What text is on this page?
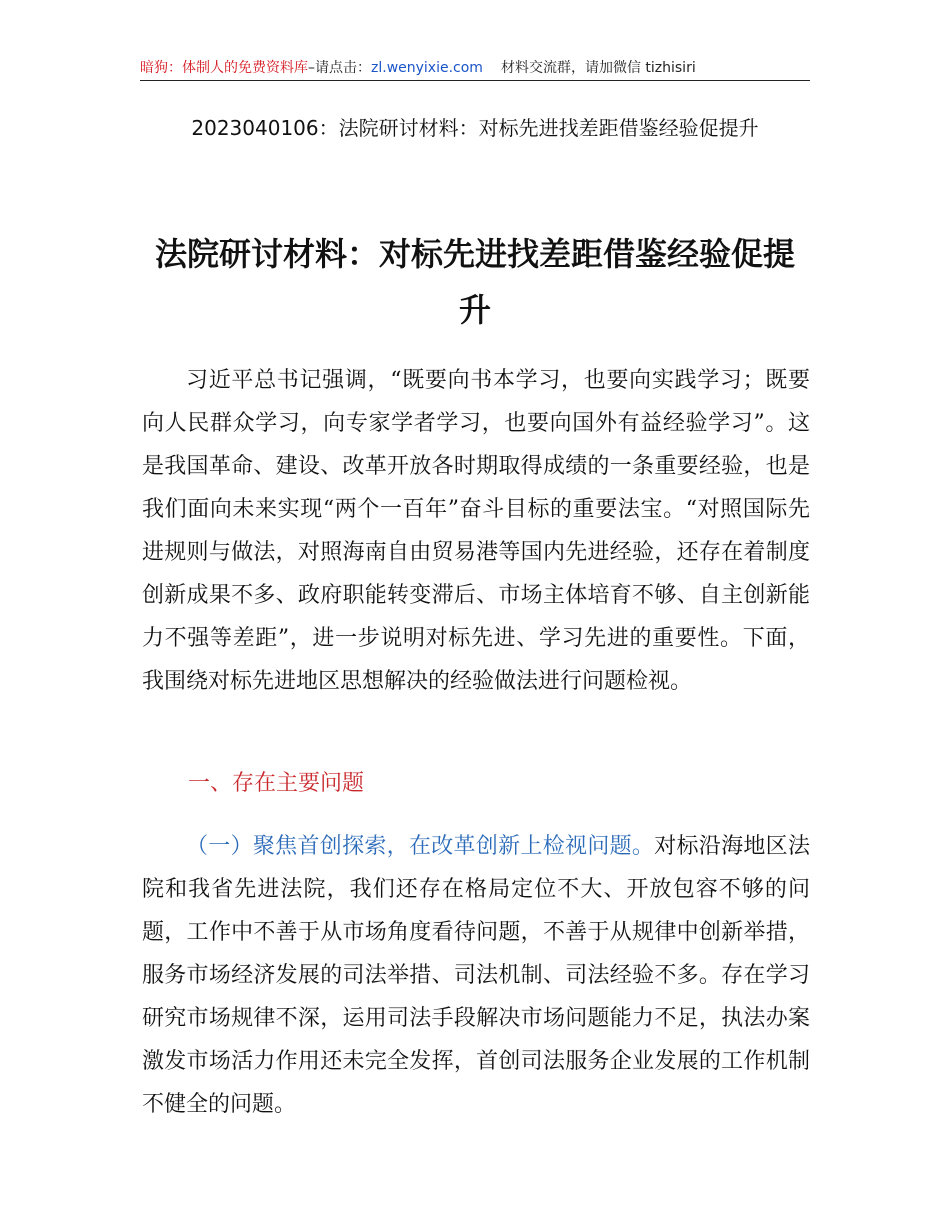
暗狗：体制人的免费资料库–请点击：zl.wenyixie.com 材料交流群，请加微信 tizhisiri
2023040106：法院研讨材料：对标先进找差距借鉴经验促提升
法院研讨材料：对标先进找差距借鉴经验促提升
习近平总书记强调，“既要向书本学习，也要向实践学习；既要向人民群众学习，向专家学者学习，也要向国外有益经验学习”。这是我国革命、建设、改革开放各时期取得成绩的一条重要经验，也是我们面向未来实现“两个一百年”奋斗目标的重要法宝。“对照国际先进规则与做法，对照海南自由贸易港等国内先进经验，还存在着制度创新成果不多、政府职能转变滞后、市场主体培育不够、自主创新能力不强等差距”，进一步说明对标先进、学习先进的重要性。下面，我围绕对标先进地区思想解决的经验做法进行问题检视。
一、存在主要问题
（一）聚焦首创探索，在改革创新上检视问题。对标沿海地区法院和我省先进法院，我们还存在格局定位不大、开放包容不够的问题，工作中不善于从市场角度看待问题，不善于从规律中创新举措，服务市场经济发展的司法举措、司法机制、司法经验不多。存在学习研究市场规律不深，运用司法手段解决市场问题能力不足，执法办案激发市场活力作用还未完全发挥，首创司法服务企业发展的工作机制不健全的问题。
